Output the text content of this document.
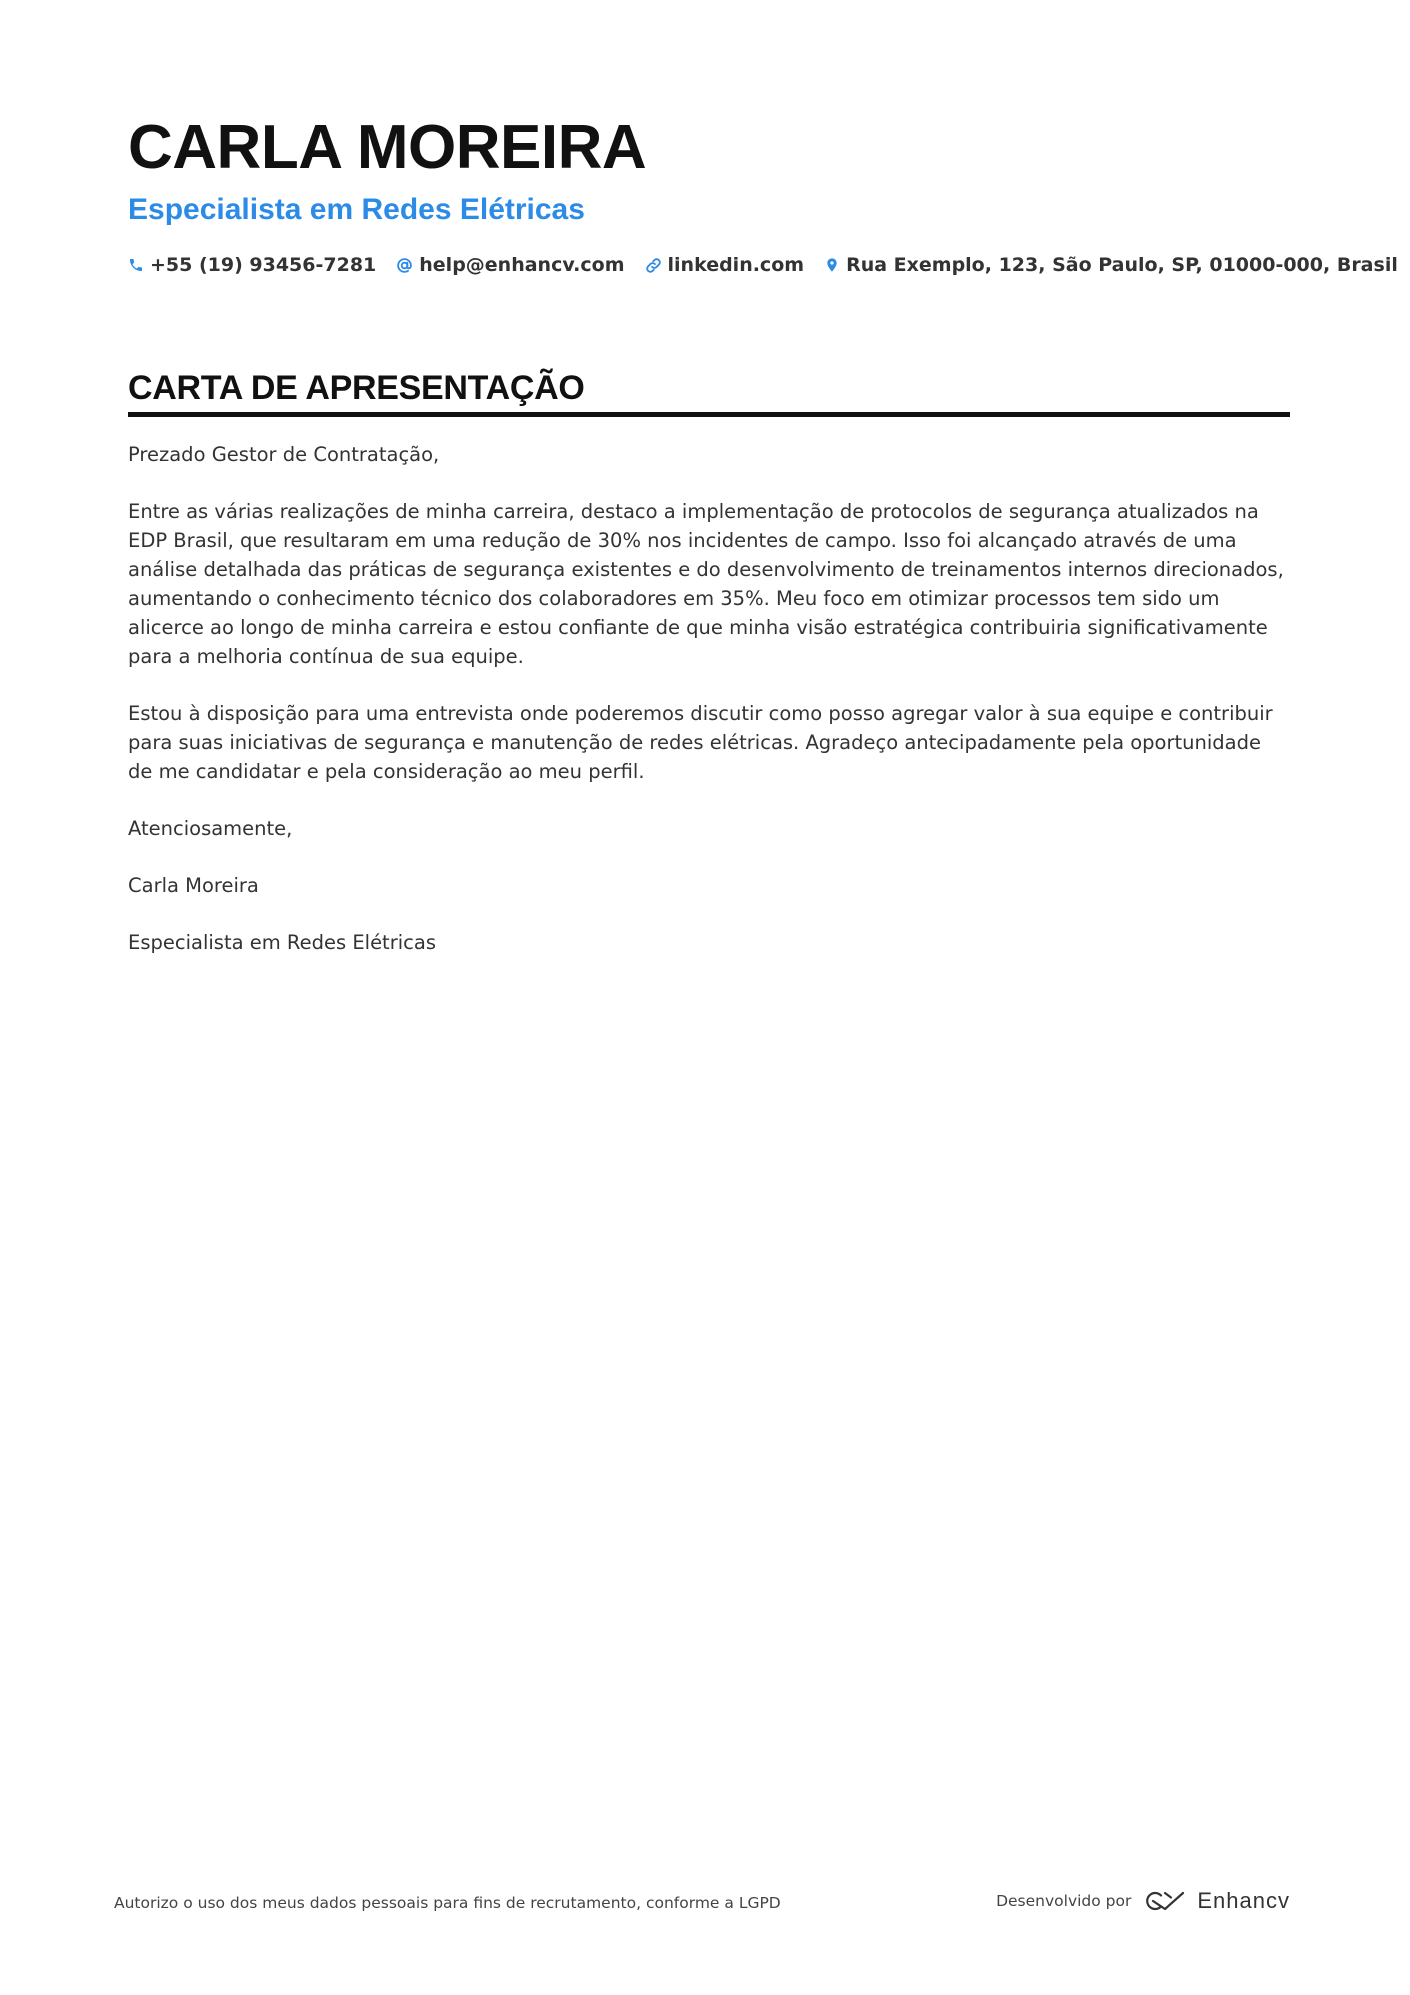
CARLA MOREIRA
Especialista em Redes Elétricas
+55 (19) 93456-7281 help@enhancv.com linkedin.com Rua Exemplo, 123, São Paulo, SP, 01000-000, Brasil
CARTA DE APRESENTAÇÃO

Prezado Gestor de Contratação,

Entre as várias realizações de minha carreira, destaco a implementação de protocolos de segurança atualizados na EDP Brasil, que resultaram em uma redução de 30% nos incidentes de campo. Isso foi alcançado através de uma análise detalhada das práticas de segurança existentes e do desenvolvimento de treinamentos internos direcionados, aumentando o conhecimento técnico dos colaboradores em 35%. Meu foco em otimizar processos tem sido um alicerce ao longo de minha carreira e estou confiante de que minha visão estratégica contribuiria significativamente para a melhoria contínua de sua equipe.

Estou à disposição para uma entrevista onde poderemos discutir como posso agregar valor à sua equipe e contribuir para suas iniciativas de segurança e manutenção de redes elétricas. Agradeço antecipadamente pela oportunidade de me candidatar e pela consideração ao meu perfil.

Atenciosamente,

Carla Moreira

Especialista em Redes Elétricas

Autorizo o uso dos meus dados pessoais para fins de recrutamento, conforme a LGPD	Desenvolvido por	Enhancv
